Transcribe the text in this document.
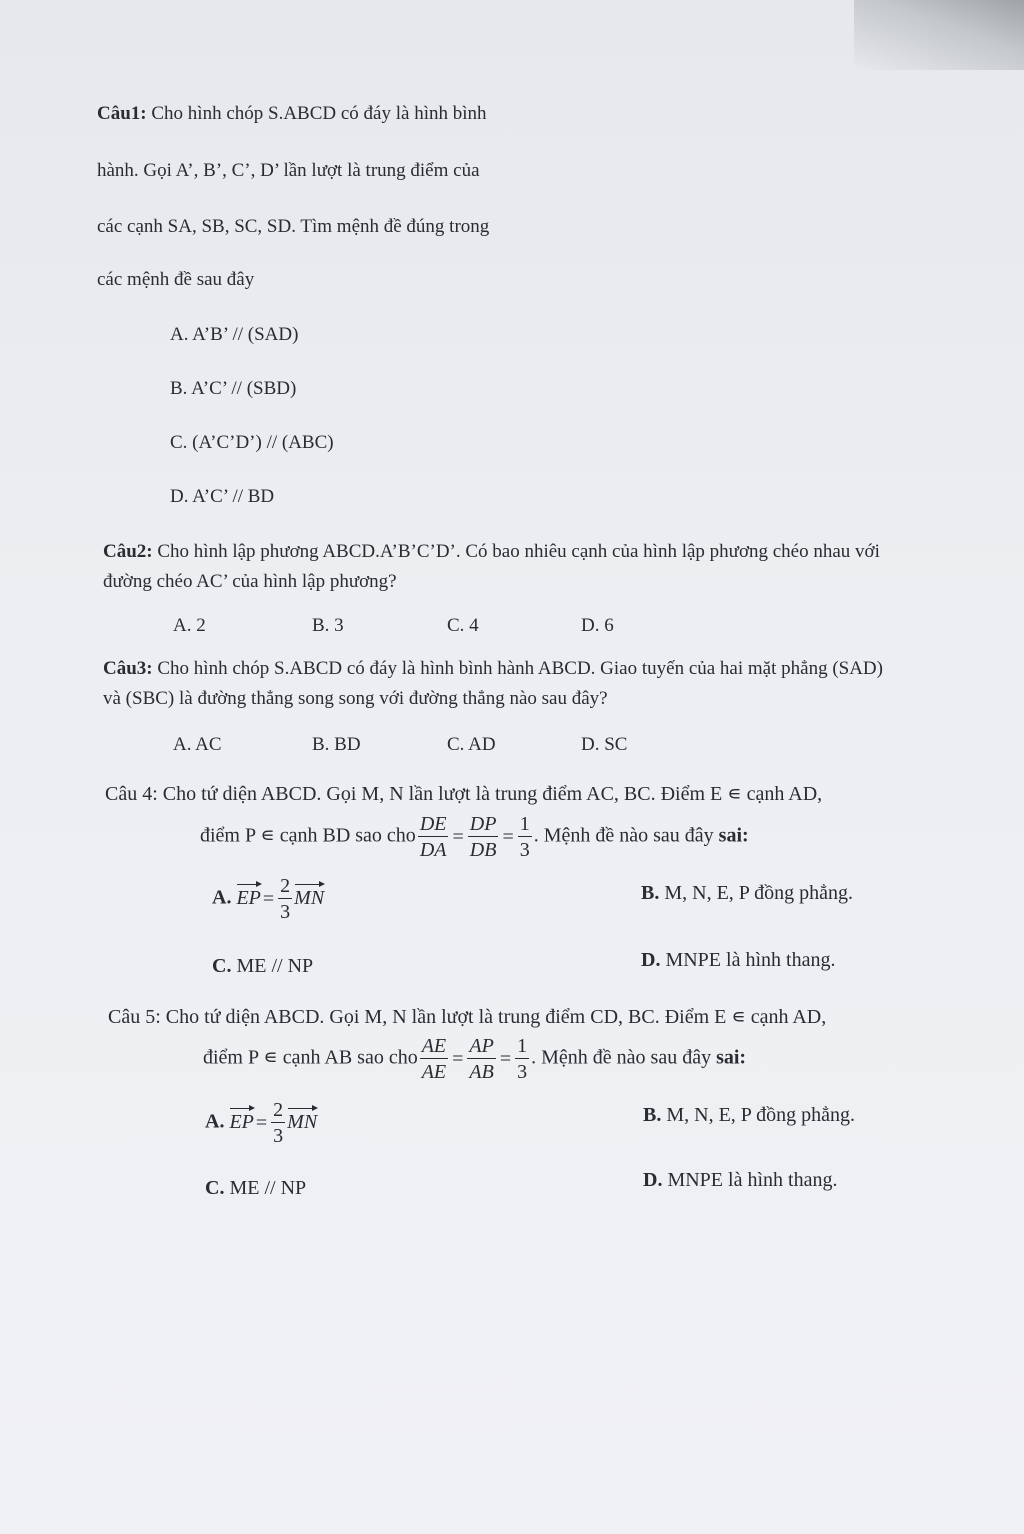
Câu1: Cho hình chóp S.ABCD có đáy là hình bình
hành. Gọi A’, B’, C’, D’ lần lượt là trung điểm của
các cạnh SA, SB, SC, SD. Tìm mệnh đề đúng trong
các mệnh đề sau đây
A. A’B’ // (SAD)
B. A’C’ // (SBD)
C. (A’C’D’) // (ABC)
D. A’C’ // BD
Câu2: Cho hình lập phương ABCD.A’B’C’D’. Có bao nhiêu cạnh của hình lập phương chéo nhau với
đường chéo AC’ của hình lập phương?
A. 2	B. 3	C. 4	D. 6
Câu3: Cho hình chóp S.ABCD có đáy là hình bình hành ABCD. Giao tuyến của hai mặt phẳng (SAD)
và (SBC) là đường thẳng song song với đường thẳng nào sau đây?
A. AC	B. BD	C. AD	D. SC
Câu 4: Cho tứ diện ABCD. Gọi M, N lần lượt là trung điểm AC, BC. Điểm E ∊ cạnh AD,
điểm P ∊ cạnh BD sao cho $\frac{DE}{DA} = \frac{DP}{DB} = \frac{1}{3}$ . Mệnh đề nào sau đây sai:
A. EP = $\frac{2}{3}$ MN	B. M, N, E, P đồng phẳng.
C. ME // NP	D. MNPE là hình thang.
Câu 5: Cho tứ diện ABCD. Gọi M, N lần lượt là trung điểm CD, BC. Điểm E ∊ cạnh AD,
điểm P ∊ cạnh AB sao cho $\frac{AE}{AE} = \frac{AP}{AB} = \frac{1}{3}$ . Mệnh đề nào sau đây sai:
A. EP = $\frac{2}{3}$ MN	B. M, N, E, P đồng phẳng.
C. ME // NP	D. MNPE là hình thang.
